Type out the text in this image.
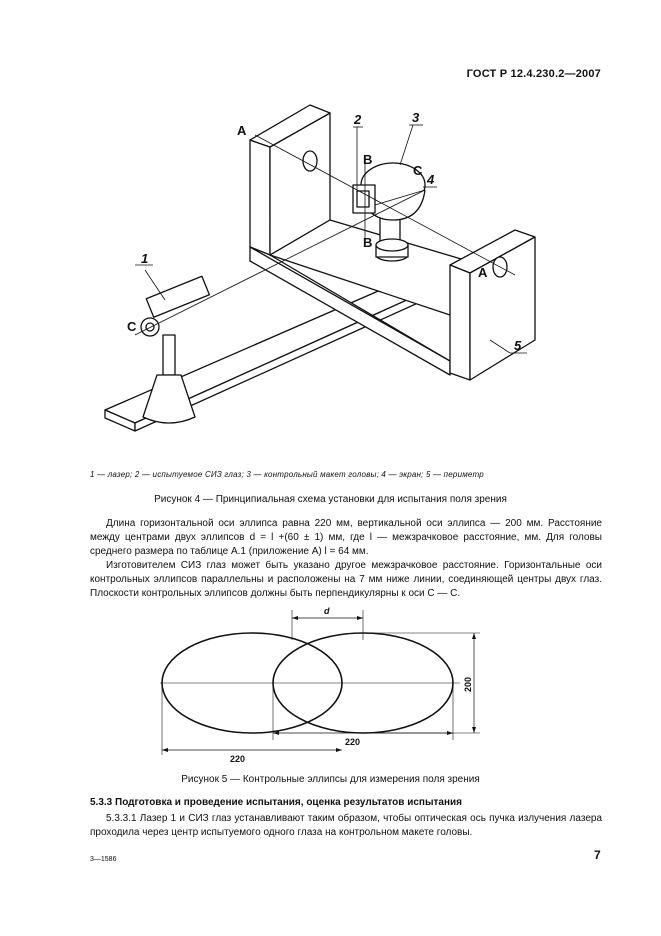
ГОСТ Р 12.4.230.2—2007
1
2	3
4
5
A
A
B
B
C
C
1 — лазер; 2 — испытуемое СИЗ глаз; 3 — контрольный макет головы; 4 — экран; 5 — периметр
Рисунок 4 — Принципиальная схема установки для испытания поля зрения

Длина горизонтальной оси эллипса равна 220 мм, вертикальной оси эллипса — 200 мм. Расстояние между центрами двух эллипсов d = l +(60 ± 1) мм, где l — межзрачковое расстояние, мм. Для головы среднего размера по таблице А.1 (приложение А) l = 64 мм.

Изготовителем СИЗ глаз может быть указано другое межзрачковое расстояние. Горизонтальные оси контрольных эллипсов параллельны и расположены на 7 мм ниже линии, соединяющей центры двух глаз. Плоскости контрольных эллипсов должны быть перпендикулярны к оси С — С.

d
200
220
220
Рисунок 5 — Контрольные эллипсы для измерения поля зрения
5.3.3 Подготовка и проведение испытания, оценка результатов испытания

5.3.3.1 Лазер 1 и СИЗ глаз устанавливают таким образом, чтобы оптическая ось пучка излучения лазера проходила через центр испытуемого одного глаза на контрольном макете головы.

3—1586	7
